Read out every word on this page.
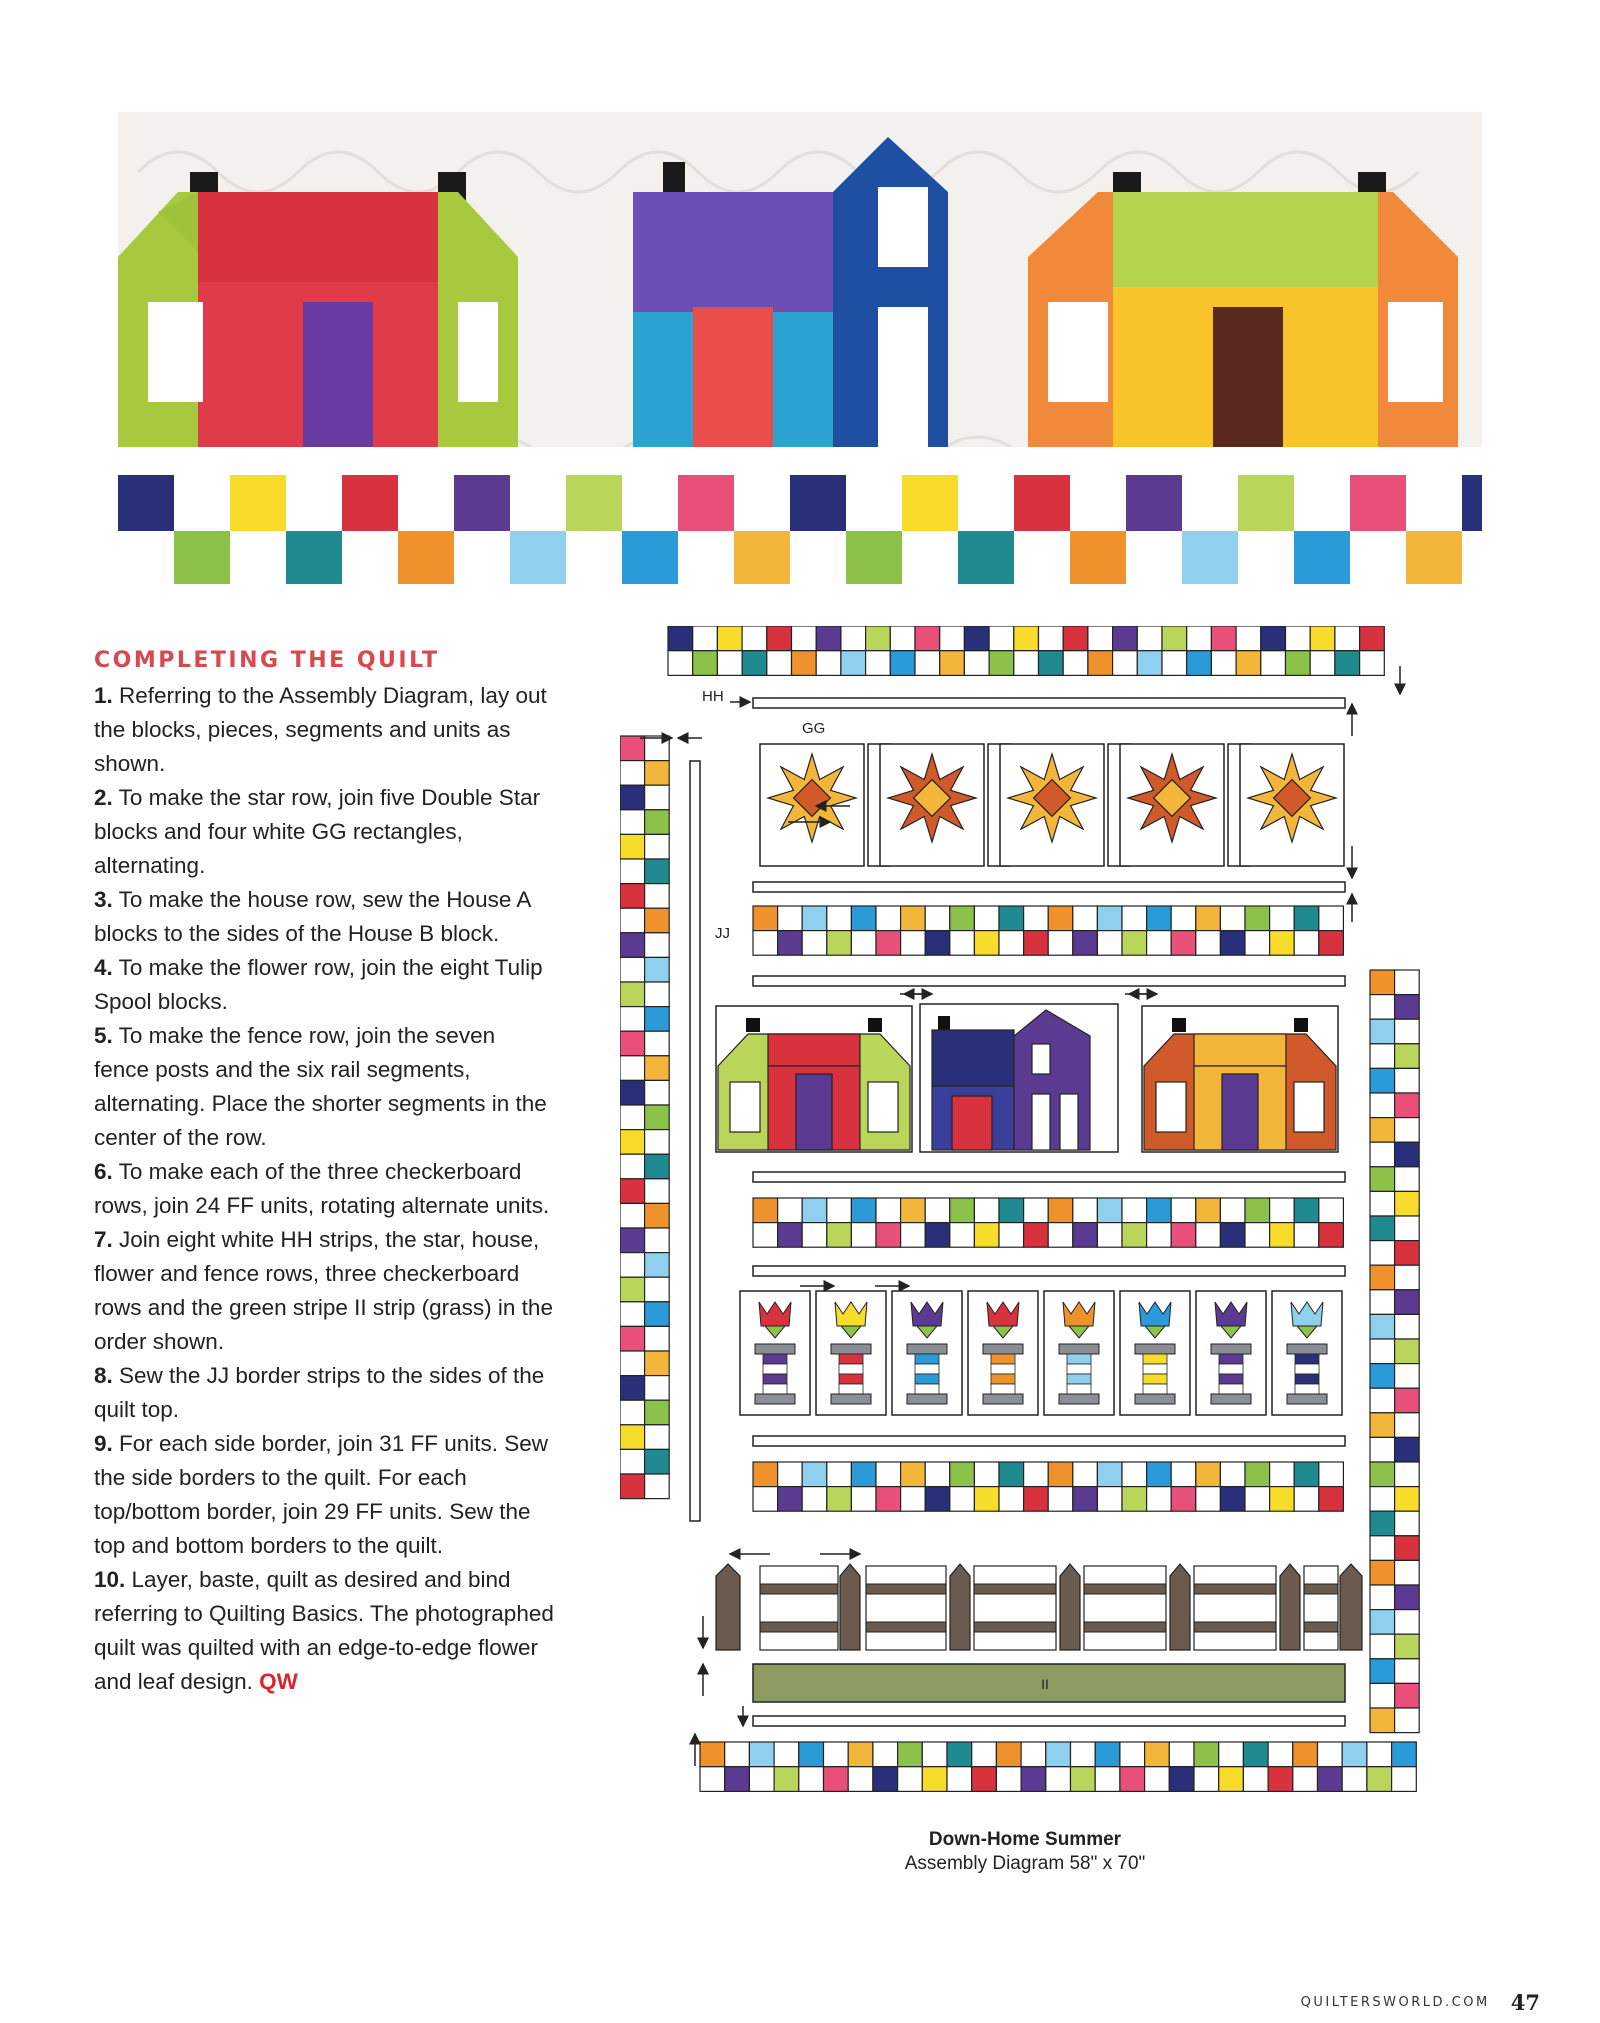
COMPLETING THE QUILT

1. Referring to the Assembly Diagram, lay out the blocks, pieces, segments and units as shown.

2. To make the star row, join five Double Star blocks and four white GG rectangles, alternating.

3. To make the house row, sew the House A blocks to the sides of the House B block.

4. To make the flower row, join the eight Tulip Spool blocks.

5. To make the fence row, join the seven fence posts and the six rail segments, alternating. Place the shorter segments in the center of the row.

6. To make each of the three checkerboard rows, join 24 FF units, rotating alternate units.

7. Join eight white HH strips, the star, house, flower and fence rows, three checkerboard rows and the green stripe II strip (grass) in the order shown.

8. Sew the JJ border strips to the sides of the quilt top.

9. For each side border, join 31 FF units. Sew the side borders to the quilt. For each top/bottom border, join 29 FF units. Sew the top and bottom borders to the quilt.

10. Layer, baste, quilt as desired and bind referring to Quilting Basics. The photographed quilt was quilted with an edge-to-edge flower and leaf design. QW	II
HH
GG
JJ
Down-Home Summer
Assembly Diagram 58" x 70"
QUILTERSWORLD.COM 47
